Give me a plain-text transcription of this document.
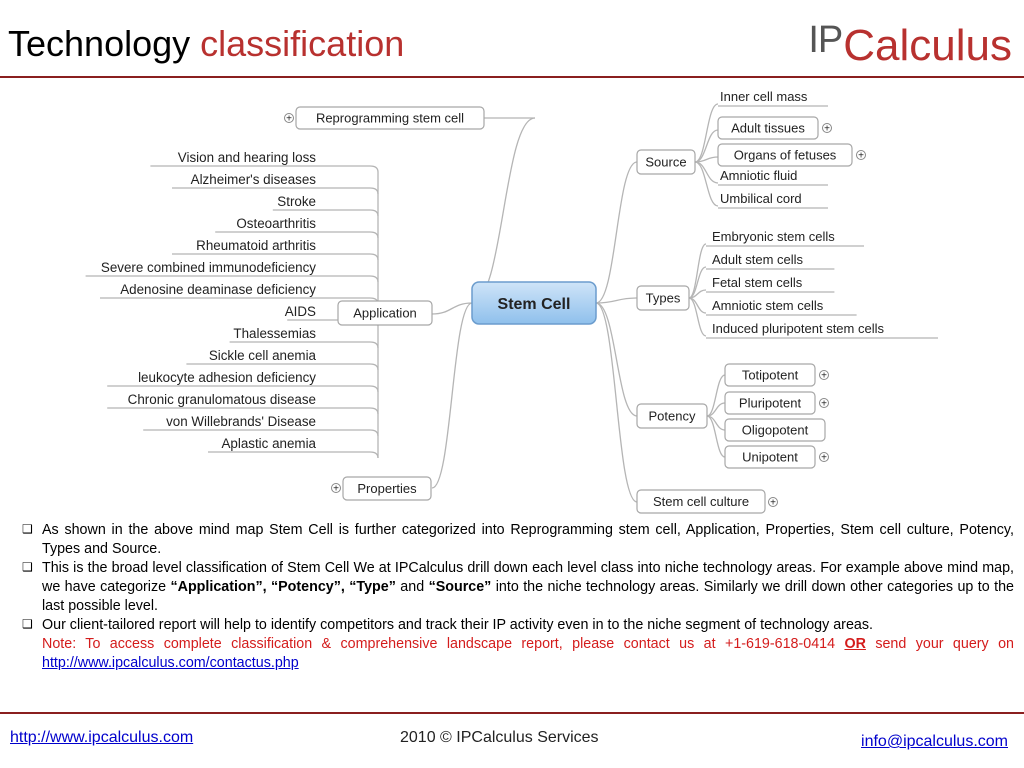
Technology classification	IPCalculus
Stem Cell
Reprogramming stem cell
+
Application
Vision and hearing loss
Alzheimer's diseases
Stroke
Osteoarthritis
Rheumatoid arthritis
Severe combined immunodeficiency
Adenosine deaminase deficiency
AIDS
Thalessemias
Sickle cell anemia
leukocyte adhesion deficiency
Chronic granulomatous disease
von Willebrands' Disease
Aplastic anemia
Properties
+
Source
Inner cell mass
Adult tissues +
Organs of fetuses +
Amniotic fluid
Umbilical cord
Types
Embryonic stem cells
Adult stem cells
Fetal stem cells
Amniotic stem cells
Induced pluripotent stem cells
Potency
Totipotent +
Pluripotent +
Oligopotent
Unipotent +
Stem cell culture +
❑ As shown in the above mind map Stem Cell is further categorized into Reprogramming stem cell, Application, Properties, Stem cell culture, Potency, Types and Source.
❑ This is the broad level classification of Stem Cell We at IPCalculus drill down each level class into niche technology areas. For example above mind map, we have categorize “Application”, “Potency”, “Type” and “Source” into the niche technology areas. Similarly we drill down other categories up to the last possible level.
❑ Our client-tailored report will help to identify competitors and track their IP activity even in to the niche segment of technology areas.
Note: To access complete classification & comprehensive landscape report, please contact us at +1-619-618-0414 OR send your query on http://www.ipcalculus.com/contactus.php
http://www.ipcalculus.com	2010 © IPCalculus Services	info@ipcalculus.com
